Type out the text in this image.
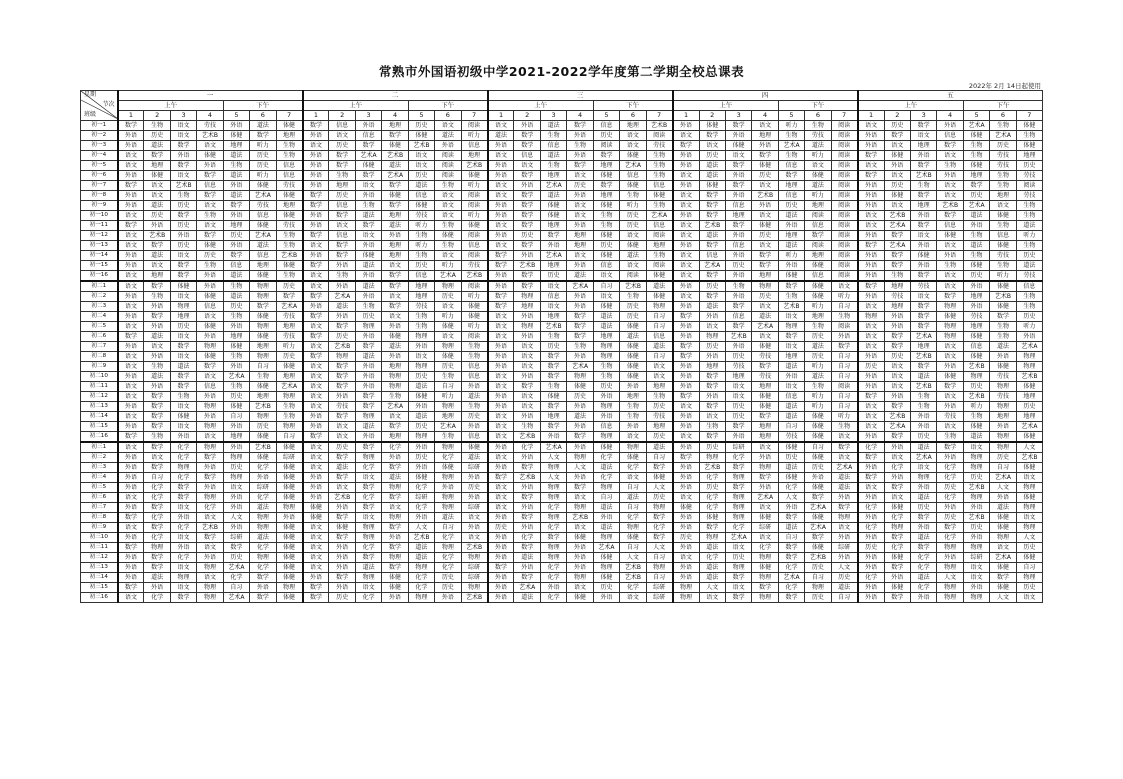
常熟市外国语初级中学2021-2022学年度第二学期全校总课表
2022年 2月 14日起使用
星期
节次
班级	一							二							三							四							五						
	上午				下午			上午				下午			上午				下午			上午				下午			上午				下午		
	1	2	3	4	5	6	7	1	2	3	4	5	6	7	1	2	3	4	5	6	7	1	2	3	4	5	6	7	1	2	3	4	5	6	7
初一1	数学	生物	语文	劳技	外语	道法	体健	数学	信息	外语	地理	历史	语文	阅读	语文	外语	道法	数学	信息	地理	艺术B	外语	体健	数学	语文	听力	生物	阅读	语文	历史	数学	外语	艺术A	生物	体健
初一2	外语	历史	语文	艺术B	体健	数学	地理	外语	语文	信息	数学	体健	道法	听力	道法	数学	生物	外语	历史	语文	阅读	语文	数学	外语	地理	生物	劳技	阅读	外语	数学	语文	信息	体健	艺术A	生物
初一3	外语	道法	数学	语文	地理	听力	生物	语文	历史	数学	体健	艺术B	外语	信息	外语	数学	信息	生物	阅读	语文	劳技	数学	语文	体健	外语	艺术A	道法	阅读	外语	语文	地理	数学	生物	历史	体健
初一4	语文	数学	外语	体健	道法	历史	生物	外语	数学	艺术A	艺术B	语文	阅读	地理	语文	信息	道法	外语	数学	体健	生物	外语	历史	语文	数学	生物	听力	阅读	数学	体健	外语	语文	生物	劳技	地理
初一5	语文	地理	数学	外语	生物	历史	信息	外语	数学	体健	道法	语文	阅读	艺术B	外语	语文	生物	数学	地理	艺术A	生物	外语	道法	数学	体健	信息	语文	阅读	语文	外语	数学	生物	体健	劳技	历史
初一6	外语	体健	语文	数学	道法	听力	信息	外语	生物	数学	艺术A	历史	阅读	体健	外语	数学	地理	语文	体健	信息	生物	语文	道法	外语	历史	数学	体健	阅读	数学	语文	艺术B	外语	地理	生物	劳技
初一7	数学	语文	艺术B	信息	外语	体健	劳技	外语	地理	语文	数学	道法	生物	听力	语文	外语	艺术A	历史	数学	体健	信息	外语	体健	数学	语文	地理	道法	阅读	外语	历史	生物	语文	数学	生物	阅读
初一8	外语	语文	生物	数学	道法	艺术A	体健	数学	历史	外语	体健	信息	语文	阅读	语文	数学	道法	外语	地理	生物	体健	语文	数学	外语	艺术B	信息	听力	阅读	外语	体健	数学	语文	历史	地理	劳技
初一9	外语	道法	历史	语文	数学	劳技	地理	数学	信息	生物	数学	体健	语文	阅读	外语	数学	体健	语文	体健	听力	生物	语文	数学	信息	外语	历史	地理	阅读	外语	语文	地理	艺术B	艺术A	语文	生物
初一10	语文	历史	数学	生物	外语	信息	体健	外语	数学	道法	地理	劳技	语文	听力	外语	数学	体健	语文	生物	历史	艺术A	外语	数学	地理	语文	道法	阅读	阅读	语文	艺术B	外语	数学	道法	体健	生物
初一11	数学	外语	历史	语文	地理	体健	劳技	外语	语文	数学	道法	听力	生物	体健	语文	数学	地理	外语	生物	历史	信息	语文	艺术B	数学	体健	外语	信息	阅读	语文	艺术A	数学	信息	外语	生物	道法
初一12	语文	艺术B	外语	数学	历史	艺术A	生物	数学	信息	语文	外语	生物	体健	阅读	外语	历史	数学	地理	体健	语文	阅读	语文	道法	外语	历史	地理	数学	阅读	外语	数学	语文	体健	生物	信息	听力
初一13	语文	数学	历史	体健	外语	道法	生物	语文	数学	外语	地理	听力	生物	信息	语文	数学	外语	地理	历史	体健	地理	外语	数学	信息	语文	道法	阅读	阅读	数学	艺术A	外语	语文	道法	体健	生物
初一14	外语	道法	语文	历史	数学	信息	艺术B	外语	数学	体健	地理	生物	语文	阅读	数学	外语	艺术A	语文	体健	道法	生物	语文	信息	外语	数学	听力	地理	阅读	外语	数学	体健	外语	生物	劳技	历史
初一15	外语	语文	数学	生物	信息	地理	体健	数学	外语	道法	语文	历史	听力	劳技	数学	艺术B	地理	外语	信息	语文	阅读	语文	艺术A	历史	数学	外语	体健	阅读	外语	数学	外语	生物	体健	生物	道法
初一16	语文	地理	数学	外语	道法	体健	生物	语文	生物	外语	数学	信息	艺术A	艺术B	外语	数学	历史	道法	语文	阅读	体健	语文	数学	外语	地理	体健	信息	阅读	外语	生物	数学	语文	历史	听力	劳技
初二1	语文	数学	体健	外语	生物	物理	历史	语文	外语	道法	数学	地理	物理	阅读	外语	数学	语文	艺术A	自习	艺术B	道法	外语	历史	生物	物理	数学	体健	语文	数学	地理	劳技	语文	外语	体健	信息
初二2	外语	生物	语文	体健	道法	物理	数学	数学	艺术A	外语	语文	地理	历史	听力	数学	物理	信息	外语	语文	生物	体健	语文	数学	外语	历史	生物	体健	听力	外语	劳技	语文	数学	地理	艺术B	生物
初二3	语文	外语	物理	信息	历史	数学	艺术A	外语	道法	生物	数学	劳技	语文	体健	数学	地理	语文	外语	体健	历史	物理	外语	道法	数学	语文	艺术B	听力	自习	语文	地理	数学	物理	外语	体健	生物
初二4	外语	数学	地理	语文	生物	体健	劳技	数学	外语	历史	语文	生物	听力	体健	语文	外语	地理	数学	道法	历史	自习	数学	外语	信息	道法	语文	地理	生物	物理	外语	数学	体健	劳技	数学	历史
初二5	语文	外语	历史	体健	外语	物理	地理	语文	数学	物理	外语	生物	体健	听力	语文	物理	艺术B	数学	道法	体健	自习	外语	语文	数学	艺术A	物理	生物	阅读	语文	外语	数学	物理	地理	生物	听力
初二6	数学	道法	语文	外语	地理	体健	劳技	数学	历史	外语	体健	物理	语文	阅读	语文	外语	生物	数学	地理	道法	信息	外语	物理	艺术B	语文	数学	历史	外语	语文	数学	艺术A	物理	体健	生物	外语
初二7	外语	语文	数学	物理	体健	地理	听力	语文	艺术B	数学	道法	外语	物理	生物	外语	语文	历史	生物	物理	体健	道法	数学	历史	外语	体健	语文	道法	数学	语文	数学	地理	语文	信息	道法	艺术A
初二8	语文	外语	语文	体健	生物	物理	历史	数学	物理	道法	外语	语文	体健	生物	外语	语文	数学	外语	物理	体健	自习	数学	外语	历史	劳技	地理	历史	自习	外语	历史	艺术B	语文	体健	外语	物理
初二9	语文	生物	道法	数学	外语	自习	体健	语文	数学	外语	地理	物理	历史	信息	外语	语文	数学	艺术A	生物	体健	语文	外语	地理	劳技	数学	道法	听力	自习	历史	语文	数学	外语	艺术B	体健	物理
初二10	外语	道法	数学	语文	艺术A	生物	地理	语文	数学	外语	物理	历史	生物	信息	语文	外语	数学	物理	生物	体健	语文	外语	数学	地理	劳技	外语	道法	自习	外语	语文	道法	体健	物理	劳技	艺术B
初二11	语文	外语	数学	信息	生物	体健	艺术A	语文	数学	外语	物理	道法	自习	外语	语文	数学	生物	体健	历史	外语	地理	外语	数学	语文	地理	语文	生物	阅读	外语	语文	艺术B	数学	历史	物理	体健
初二12	语文	数学	生物	外语	历史	地理	物理	语文	外语	数学	生物	体健	听力	道法	外语	语文	体健	历史	外语	地理	生物	数学	外语	语文	体健	信息	听力	自习	数学	外语	生物	语文	艺术B	劳技	地理
初二13	外语	数学	语文	物理	体健	艺术B	生物	语文	劳技	数学	艺术A	外语	物理	生物	外语	语文	数学	外语	物理	生物	历史	语文	数学	历史	体健	道法	听力	自习	语文	数学	生物	外语	听力	物理	历史
初二14	语文	数学	体健	外语	自习	物理	生物	外语	数学	物理	语文	道法	地理	历史	语文	外语	地理	道法	外语	生物	劳技	外语	语文	历史	数学	道法	体健	听力	语文	艺术B	外语	劳技	生物	地理	地理
初二15	外语	数学	语文	物理	外语	历史	物理	外语	语文	道法	数学	历史	艺术A	外语	语文	生物	数学	外语	信息	外语	地理	外语	生物	数学	地理	自习	体健	生物	语文	艺术A	外语	语文	体健	外语	艺术A
初二16	数学	生物	外语	语文	地理	体健	自习	数学	语文	外语	地理	物理	生物	信息	语文	艺术B	外语	数学	物理	语文	历史	语文	数学	外语	地理	劳技	体健	语文	外语	数学	历史	生物	道法	物理	体健
初三1	语文	数学	化学	物理	外语	艺术B	体健	语文	历史	数学	化学	外语	物理	体健	外语	化学	艺术A	外语	体健	物理	道法	外语	历史	综研	语文	体健	自习	数学	化学	外语	道法	数学	语文	物理	人文
初三2	外语	语文	化学	数学	物理	体健	综研	语文	数学	物理	外语	历史	化学	道法	语文	外语	人文	物理	化学	体健	自习	数学	物理	化学	外语	历史	体健	语文	数学	语文	艺术A	外语	物理	历史	艺术B
初三3	外语	数学	物理	外语	历史	化学	体健	语文	道法	化学	数学	外语	体健	综研	外语	数学	物理	人文	道法	化学	数学	外语	艺术B	数学	物理	道法	历史	艺术A	外语	化学	语文	化学	物理	自习	体健
初三4	外语	自习	化学	数学	物理	外语	体健	外语	数学	语文	道法	体健	物理	外语	数学	艺术B	人文	外语	化学	语文	体健	外语	化学	物理	数学	体健	外语	道法	数学	外语	物理	化学	历史	艺术A	语文
初三5	外语	化学	数学	外语	语文	综研	体健	外语	语文	数学	物理	化学	外语	历史	语文	外语	物理	数学	物理	自习	人文	外语	历史	数学	外语	化学	体健	道法	语文	数学	外语	历史	艺术B	人文	物理
初三6	语文	化学	数学	物理	外语	化学	体健	外语	艺术B	化学	数学	综研	物理	外语	语文	数学	物理	语文	自习	道法	历史	语文	化学	物理	艺术A	人文	数学	外语	外语	语文	道法	化学	物理	外语	体健
初三7	外语	数学	语文	化学	外语	道法	物理	体健	外语	数学	语文	化学	物理	综研	语文	外语	化学	物理	道法	自习	物理	体健	化学	物理	语文	外语	艺术A	数学	化学	体健	历史	外语	外语	道法	物理
初三8	数学	化学	外语	语文	人文	物理	外语	体健	数学	语文	物理	外语	道法	语文	外语	数学	物理	艺术B	外语	化学	数学	外语	体健	物理	体健	数学	体健	物理	外语	化学	数学	历史	艺术B	体健	语文
初三9	语文	数学	化学	艺术B	外语	物理	体健	语文	体健	物理	数学	人文	自习	外语	历史	外语	化学	语文	道法	物理	化学	外语	数学	化学	综研	道法	艺术A	语文	化学	物理	外语	数学	历史	体健	物理
初三10	外语	化学	语文	数学	综研	道法	体健	语文	数学	物理	外语	艺术B	化学	语文	外语	化学	数学	体健	物理	体健	数学	历史	物理	艺术A	语文	自习	数学	外语	外语	数学	道法	化学	外语	物理	人文
初三11	数学	物理	外语	语文	数学	化学	体健	语文	外语	化学	数学	道法	物理	艺术B	外语	数学	物理	外语	艺术A	自习	人文	外语	道法	语文	化学	数学	体健	综研	历史	化学	数学	物理	物理	语文	历史
初三12	外语	数学	化学	外语	历史	物理	体健	语文	外语	数学	物理	道法	化学	物理	外语	道法	物理	外语	体健	人文	自习	语文	化学	历史	物理	数学	艺术B	外语	外语	体健	化学	外语	综研	艺术A	体健
初三13	外语	数学	语文	物理	艺术A	化学	体健	语文	外语	道法	数学	物理	化学	综研	数学	外语	化学	外语	物理	艺术B	物理	外语	道法	物理	体健	化学	历史	人文	外语	数学	化学	物理	语文	体健	自习
初三14	外语	道法	物理	语文	化学	数学	体健	外语	数学	物理	体健	化学	历史	综研	外语	数学	化学	物理	体健	艺术B	自习	外语	道法	数学	物理	艺术A	自习	历史	化学	外语	道法	人文	语文	数学	物理
初三15	数学	外语	语文	物理	自习	外语	物理	数学	外语	语文	体健	化学	历史	物理	外语	艺术A	外语	语文	历史	化学	综研	物理	人文	语文	数学	化学	物理	道法	外语	体健	化学	物理	外语	体健	历史
初三16	语文	化学	数学	物理	艺术A	数学	体健	数学	历史	化学	外语	物理	外语	艺术B	外语	道法	化学	体健	外语	语文	综研	物理	语文	数学	物理	数学	历史	自习	外语	数学	外语	物理	物理	人文	语文
